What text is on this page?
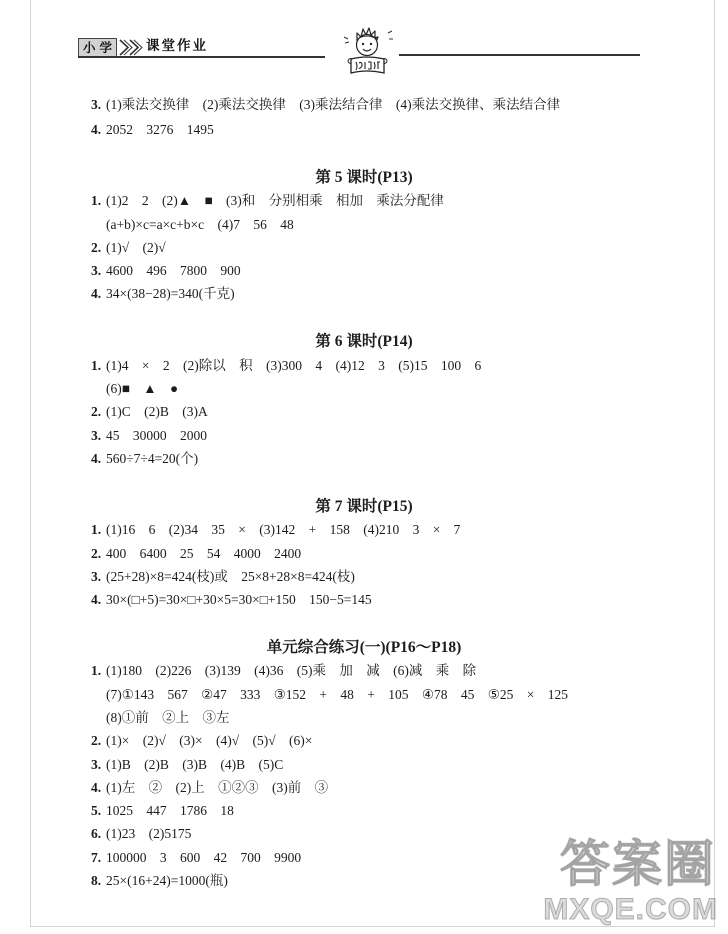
小学 课堂作业
3. (1)乘法交换律 (2)乘法交换律 (3)乘法结合律 (4)乘法交换律、乘法结合律
4. 2052 3276 1495
第 5 课时(P13)
1. (1)2 2 (2)▲ ■ (3)和 分别相乘 相加 乘法分配律
(a+b)×c=a×c+b×c (4)7 56 48
2. (1)√ (2)√
3. 4600 496 7800 900
4. 34×(38−28)=340(千克)
第 6 课时(P14)
1. (1)4 × 2 (2)除以 积 (3)300 4 (4)12 3 (5)15 100 6
(6)■ ▲ ●
2. (1)C (2)B (3)A
3. 45 30000 2000
4. 560÷7÷4=20(个)
第 7 课时(P15)
1. (1)16 6 (2)34 35 × (3)142 + 158 (4)210 3 × 7
2. 400 6400 25 54 4000 2400
3. (25+28)×8=424(枝)或 25×8+28×8=424(枝)
4. 30×(□+5)=30×□+30×5=30×□+150 150−5=145
单元综合练习(一)(P16～P18)
1. (1)180 (2)226 (3)139 (4)36 (5)乘 加 减 (6)减 乘 除
(7)①143 567 ②47 333 ③152 + 48 + 105 ④78 45 ⑤25 × 125
(8)①前 ②上 ③左
2. (1)× (2)√ (3)× (4)√ (5)√ (6)×
3. (1)B (2)B (3)B (4)B (5)C
4. (1)左 ② (2)上 ①②③ (3)前 ③
5. 1025 447 1786 18
6. (1)23 (2)5175
7. 100000 3 600 42 700 9900
8. 25×(16+24)=1000(瓶)	答案圈
MXQE.COM
